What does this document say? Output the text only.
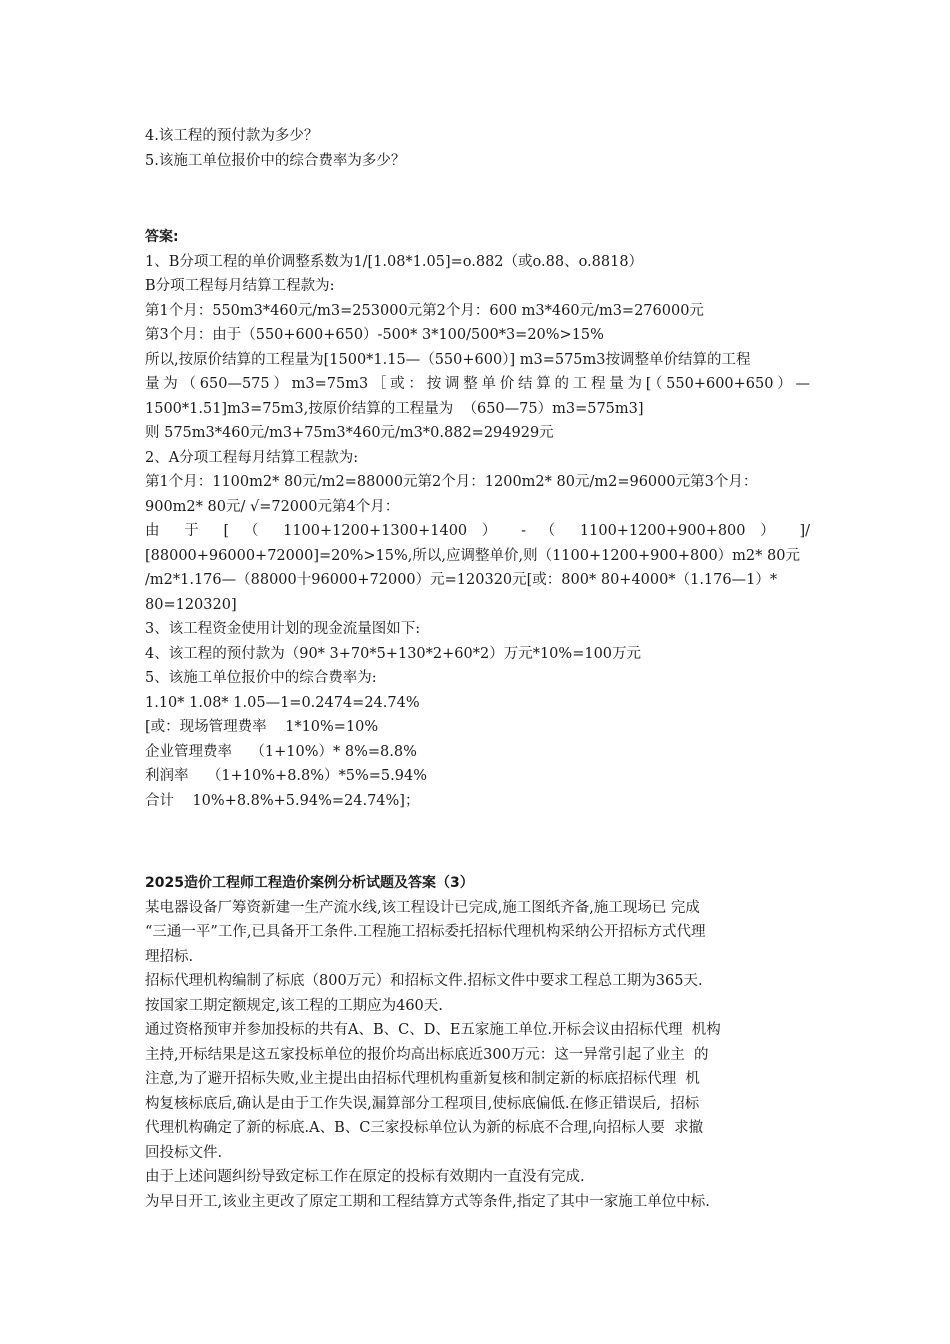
4.该工程的预付款为多少？
5.该施工单位报价中的综合费率为多少？
答案:
1、B分项工程的单价调整系数为1/[1.08*1.05]=o.882（或o.88、o.8818）
B分项工程每月结算工程款为:
第1个月：550m3*460元/m3=253000元第2个月：600 m3*460元/m3=276000元
第3个月：由于（550+600+650）-500* 3*100/500*3=20%>15%
所以,按原价结算的工程量为[1500*1.15—（550+600）] m3=575m3按调整单价结算的工程
量为（650—575）m3=75m3［或：按调整单价结算的工程量为[（550+600+650）—
1500*1.51]m3=75m3,按原价结算的工程量为  （650—75）m3=575m3]
则 575m3*460元/m3+75m3*460元/m3*0.882=294929元
2、A分项工程每月结算工程款为:
第1个月：1100m2* 80元/m2=88000元第2个月：1200m2* 80元/m2=96000元第3个月：
900m2* 80元/ √=72000元第4个月：
由 于 [ （ 1100+1200+1300+1400 ） - （ 1100+1200+900+800 ） ]/
[88000+96000+72000]=20%>15%,所以,应调整单价,则（1100+1200+900+800）m2* 80元
/m2*1.176—（88000十96000+72000）元=120320元[或：800* 80+4000*（1.176—1）*
80=120320]
3、该工程资金使用计划的现金流量图如下:
4、该工程的预付款为（90* 3+70*5+130*2+60*2）万元*10%=100万元
5、该施工单位报价中的综合费率为:
1.10* 1.08* 1.05—1=0.2474=24.74%
[或：现场管理费率    1*10%=10%
企业管理费率    （1+10%）* 8%=8.8%
利润率    （1+10%+8.8%）*5%=5.94%
合计    10%+8.8%+5.94%=24.74%]；
2025造价工程师工程造价案例分析试题及答案（3）
某电器设备厂筹资新建一生产流水线,该工程设计已完成,施工图纸齐备,施工现场已 完成
“三通一平”工作,已具备开工条件.工程施工招标委托招标代理机构采纳公开招标方式代理
理招标.
招标代理机构编制了标底（800万元）和招标文件.招标文件中要求工程总工期为365天.
按国家工期定额规定,该工程的工期应为460天.
通过资格预审并参加投标的共有A、B、C、D、E五家施工单位.开标会议由招标代理  机构
主持,开标结果是这五家投标单位的报价均高出标底近300万元：这一异常引起了业主  的
注意,为了避开招标失败,业主提出由招标代理机构重新复核和制定新的标底招标代理  机
构复核标底后,确认是由于工作失误,漏算部分工程项目,使标底偏低.在修正错误后,  招标
代理机构确定了新的标底.A、B、C三家投标单位认为新的标底不合理,向招标人要  求撤
回投标文件.
由于上述问题纠纷导致定标工作在原定的投标有效期内一直没有完成.
为早日开工,该业主更改了原定工期和工程结算方式等条件,指定了其中一家施工单位中标.
